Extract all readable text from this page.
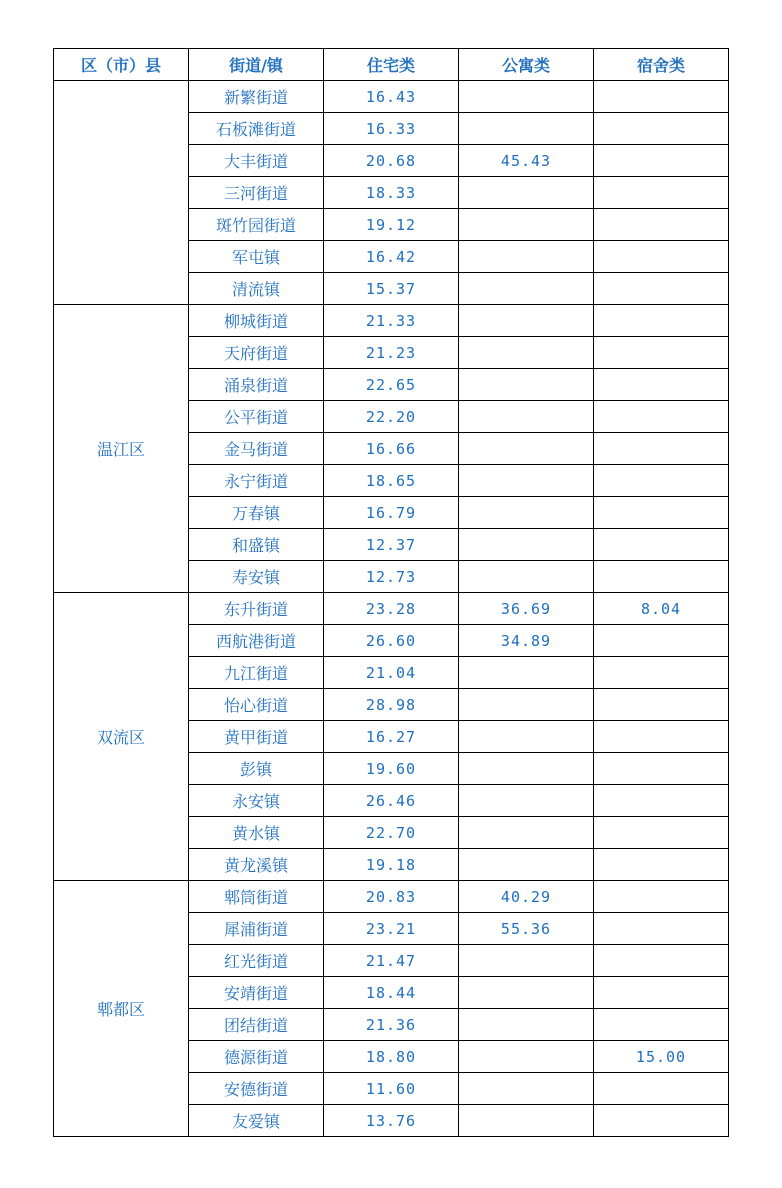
区（市）县	街道/镇	住宅类	公寓类	宿舍类
	新繁街道	16.43		
	石板滩街道	16.33		
	大丰街道	20.68	45.43	
	三河街道	18.33		
	斑竹园街道	19.12		
	军屯镇	16.42		
	清流镇	15.37		
温江区	柳城街道	21.33		
	天府街道	21.23		
	涌泉街道	22.65		
	公平街道	22.20		
	金马街道	16.66		
	永宁街道	18.65		
	万春镇	16.79		
	和盛镇	12.37		
	寿安镇	12.73		
双流区	东升街道	23.28	36.69	8.04
	西航港街道	26.60	34.89	
	九江街道	21.04		
	怡心街道	28.98		
	黄甲街道	16.27		
	彭镇	19.60		
	永安镇	26.46		
	黄水镇	22.70		
	黄龙溪镇	19.18		
郫都区	郫筒街道	20.83	40.29	
	犀浦街道	23.21	55.36	
	红光街道	21.47		
	安靖街道	18.44		
	团结街道	21.36		
	德源街道	18.80		15.00
	安德街道	11.60		
	友爱镇	13.76		
